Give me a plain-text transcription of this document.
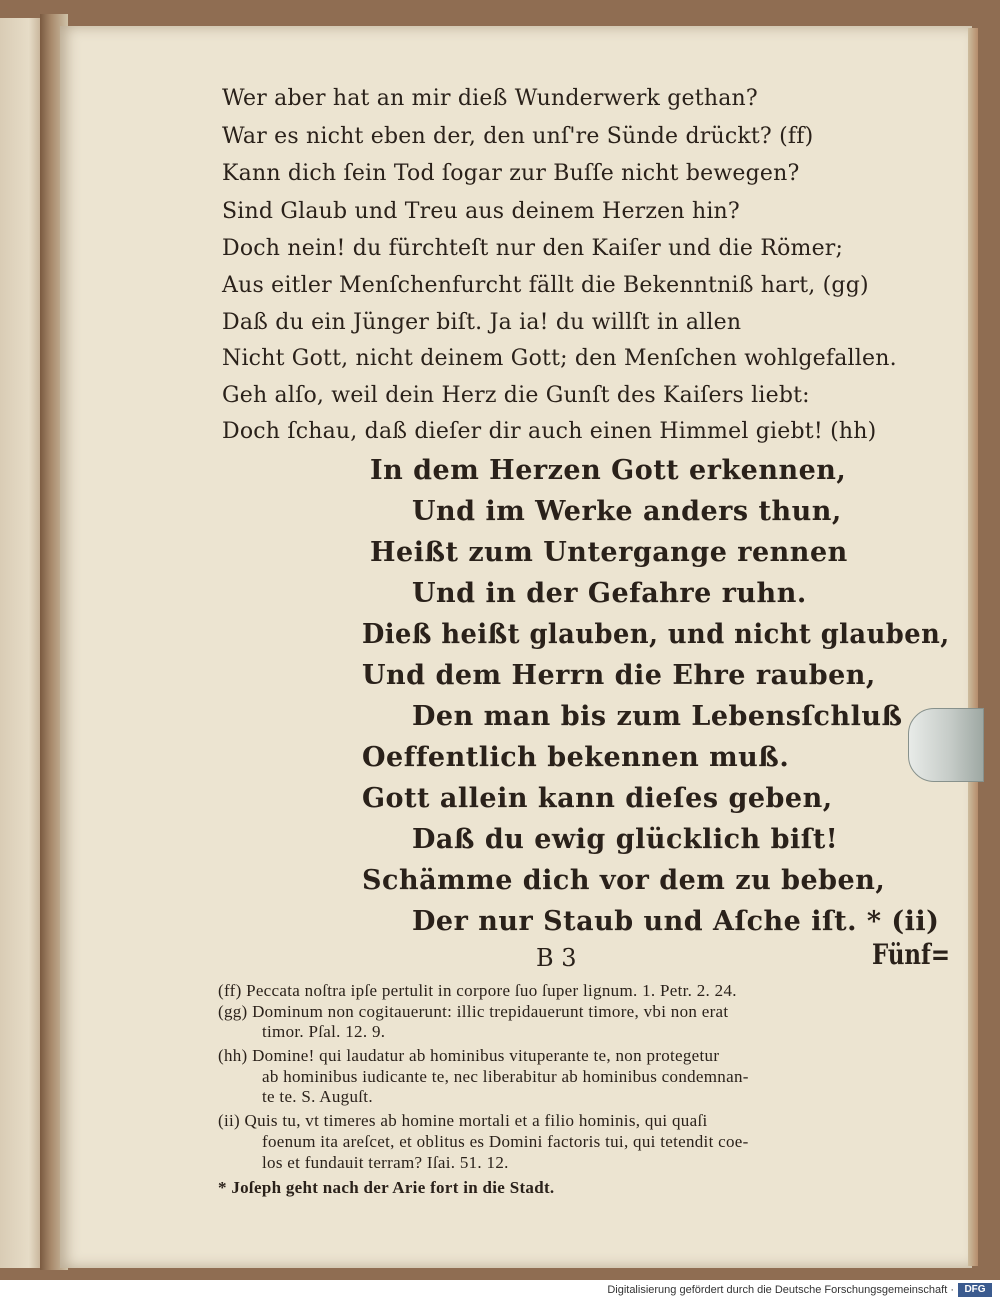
Wer aber hat an mir dieß Wunderwerk gethan?
War es nicht eben der, den unſ're Sünde drückt? (ff)
Kann dich ſein Tod ſogar zur Buſſe nicht bewegen?
Sind Glaub und Treu aus deinem Herzen hin?
Doch nein! du fürchteſt nur den Kaiſer und die Römer;
Aus eitler Menſchenfurcht fällt die Bekenntniß hart, (gg)
Daß du ein Jünger biſt. Ja ia! du willſt in allen
Nicht Gott, nicht deinem Gott; den Menſchen wohlgefallen.
Geh alſo, weil dein Herz die Gunſt des Kaiſers liebt:
Doch ſchau, daß dieſer dir auch einen Himmel giebt! (hh)
In dem Herzen Gott erkennen,
Und im Werke anders thun,
Heißt zum Untergange rennen
Und in der Gefahre ruhn.
Dieß heißt glauben, und nicht glauben,
Und dem Herrn die Ehre rauben,
Den man bis zum Lebensſchluß
Oeffentlich bekennen muß.
Gott allein kann dieſes geben,
Daß du ewig glücklich biſt!
Schämme dich vor dem zu beben,
Der nur Staub und Aſche iſt. * (ii)
B 3	Fünf=
(ff) Peccata noſtra ipſe pertulit in corpore ſuo ſuper lignum. 1. Petr. 2. 24.
(gg) Dominum non cogitauerunt: illic trepidauerunt timore, vbi non erat
timor. Pſal. 12. 9.
(hh) Domine! qui laudatur ab hominibus vituperante te, non protegetur
ab hominibus iudicante te, nec liberabitur ab hominibus condemnan-
te te. S. Auguſt.
(ii) Quis tu, vt timeres ab homine mortali et a filio hominis, qui quaſi
foenum ita areſcet, et oblitus es Domini factoris tui, qui tetendit coe-
los et fundauit terram? Iſai. 51. 12.
* Joſeph geht nach der Arie fort in die Stadt.
Digitalisierung gefördert durch die Deutsche Forschungsgemeinschaft ·	DFG
